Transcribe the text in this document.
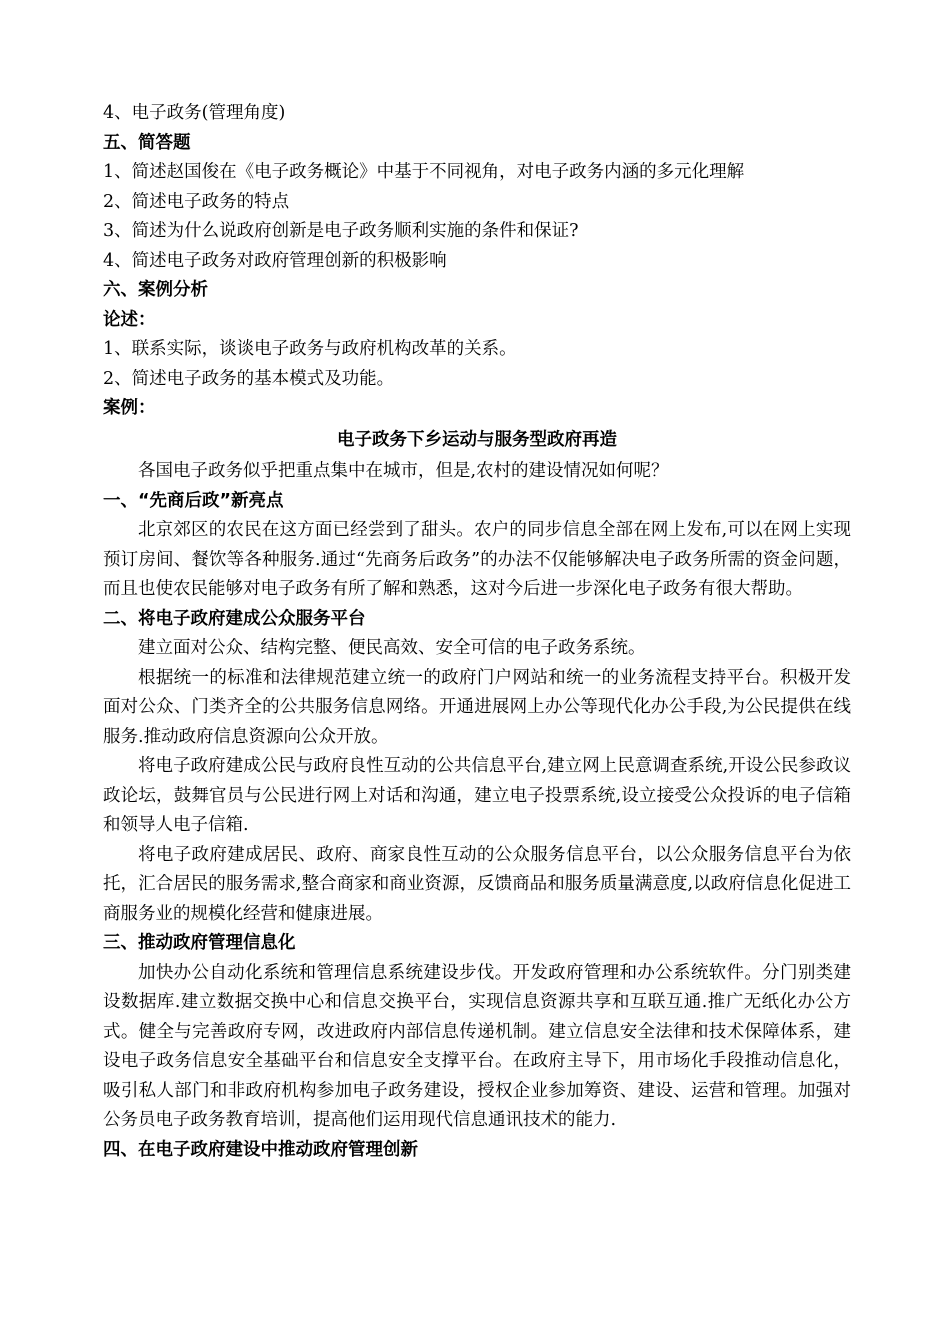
4、电子政务(管理角度)

五、简答题

1、简述赵国俊在《电子政务概论》中基于不同视角，对电子政务内涵的多元化理解

2、简述电子政务的特点

3、简述为什么说政府创新是电子政务顺利实施的条件和保证?

4、简述电子政务对政府管理创新的积极影响

六、案例分析

论述：

1、联系实际，谈谈电子政务与政府机构改革的关系。

2、简述电子政务的基本模式及功能。

案例：

电子政务下乡运动与服务型政府再造

各国电子政务似乎把重点集中在城市，但是,农村的建设情况如何呢？

一、“先商后政”新亮点

北京郊区的农民在这方面已经尝到了甜头。农户的同步信息全部在网上发布,可以在网上实现预订房间、餐饮等各种服务.通过“先商务后政务”的办法不仅能够解决电子政务所需的资金问题，而且也使农民能够对电子政务有所了解和熟悉，这对今后进一步深化电子政务有很大帮助。

二、将电子政府建成公众服务平台

建立面对公众、结构完整、便民高效、安全可信的电子政务系统。

根据统一的标准和法律规范建立统一的政府门户网站和统一的业务流程支持平台。积极开发面对公众、门类齐全的公共服务信息网络。开通进展网上办公等现代化办公手段,为公民提供在线服务.推动政府信息资源向公众开放。

将电子政府建成公民与政府良性互动的公共信息平台,建立网上民意调查系统,开设公民参政议政论坛，鼓舞官员与公民进行网上对话和沟通，建立电子投票系统,设立接受公众投诉的电子信箱和领导人电子信箱.

将电子政府建成居民、政府、商家良性互动的公众服务信息平台，以公众服务信息平台为依托，汇合居民的服务需求,整合商家和商业资源，反馈商品和服务质量满意度,以政府信息化促进工商服务业的规模化经营和健康进展。

三、推动政府管理信息化

加快办公自动化系统和管理信息系统建设步伐。开发政府管理和办公系统软件。分门别类建设数据库.建立数据交换中心和信息交换平台，实现信息资源共享和互联互通.推广无纸化办公方式。健全与完善政府专网，改进政府内部信息传递机制。建立信息安全法律和技术保障体系，建设电子政务信息安全基础平台和信息安全支撑平台。在政府主导下，用市场化手段推动信息化，吸引私人部门和非政府机构参加电子政务建设，授权企业参加筹资、建设、运营和管理。加强对公务员电子政务教育培训，提高他们运用现代信息通讯技术的能力.

四、在电子政府建设中推动政府管理创新
